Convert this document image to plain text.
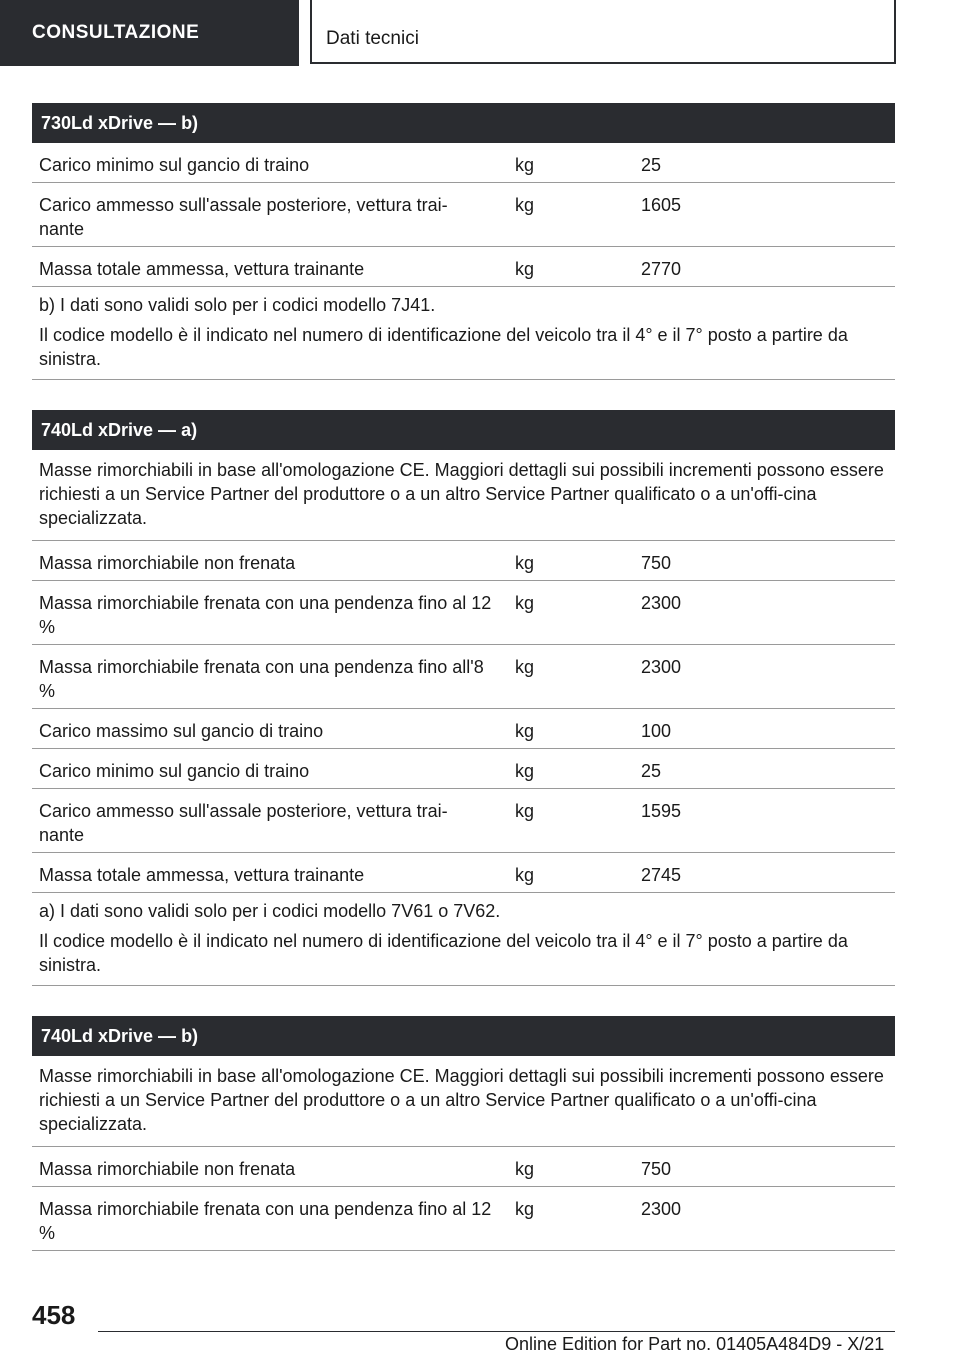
CONSULTAZIONE	Dati tecnici
730Ld xDrive — b)
Carico minimo sul gancio di traino	kg	25
Carico ammesso sull'assale posteriore, vettura trai-nante
kg	1605
Massa totale ammessa, vettura trainante	kg	2770

b) I dati sono validi solo per i codici modello 7J41.

Il codice modello è il indicato nel numero di identificazione del veicolo tra il 4° e il 7° posto a partire da sinistra.

740Ld xDrive — a)
Masse rimorchiabili in base all'omologazione CE. Maggiori dettagli sui possibili incrementi possono essere richiesti a un Service Partner del produttore o a un altro Service Partner qualificato o a un'offi-cina specializzata.
Massa rimorchiabile non frenata	kg	750
Massa rimorchiabile frenata con una pendenza fino al 12 %
kg	2300
Massa rimorchiabile frenata con una pendenza fino all'8 %
kg	2300
Carico massimo sul gancio di traino	kg	100
Carico minimo sul gancio di traino	kg	25
Carico ammesso sull'assale posteriore, vettura trai-nante
kg	1595
Massa totale ammessa, vettura trainante	kg	2745

a) I dati sono validi solo per i codici modello 7V61 o 7V62.

Il codice modello è il indicato nel numero di identificazione del veicolo tra il 4° e il 7° posto a partire da sinistra.

740Ld xDrive — b)
Masse rimorchiabili in base all'omologazione CE. Maggiori dettagli sui possibili incrementi possono essere richiesti a un Service Partner del produttore o a un altro Service Partner qualificato o a un'offi-cina specializzata.
Massa rimorchiabile non frenata	kg	750
Massa rimorchiabile frenata con una pendenza fino al 12 %
kg	2300
458
Online Edition for Part no. 01405A484D9 - X/21
